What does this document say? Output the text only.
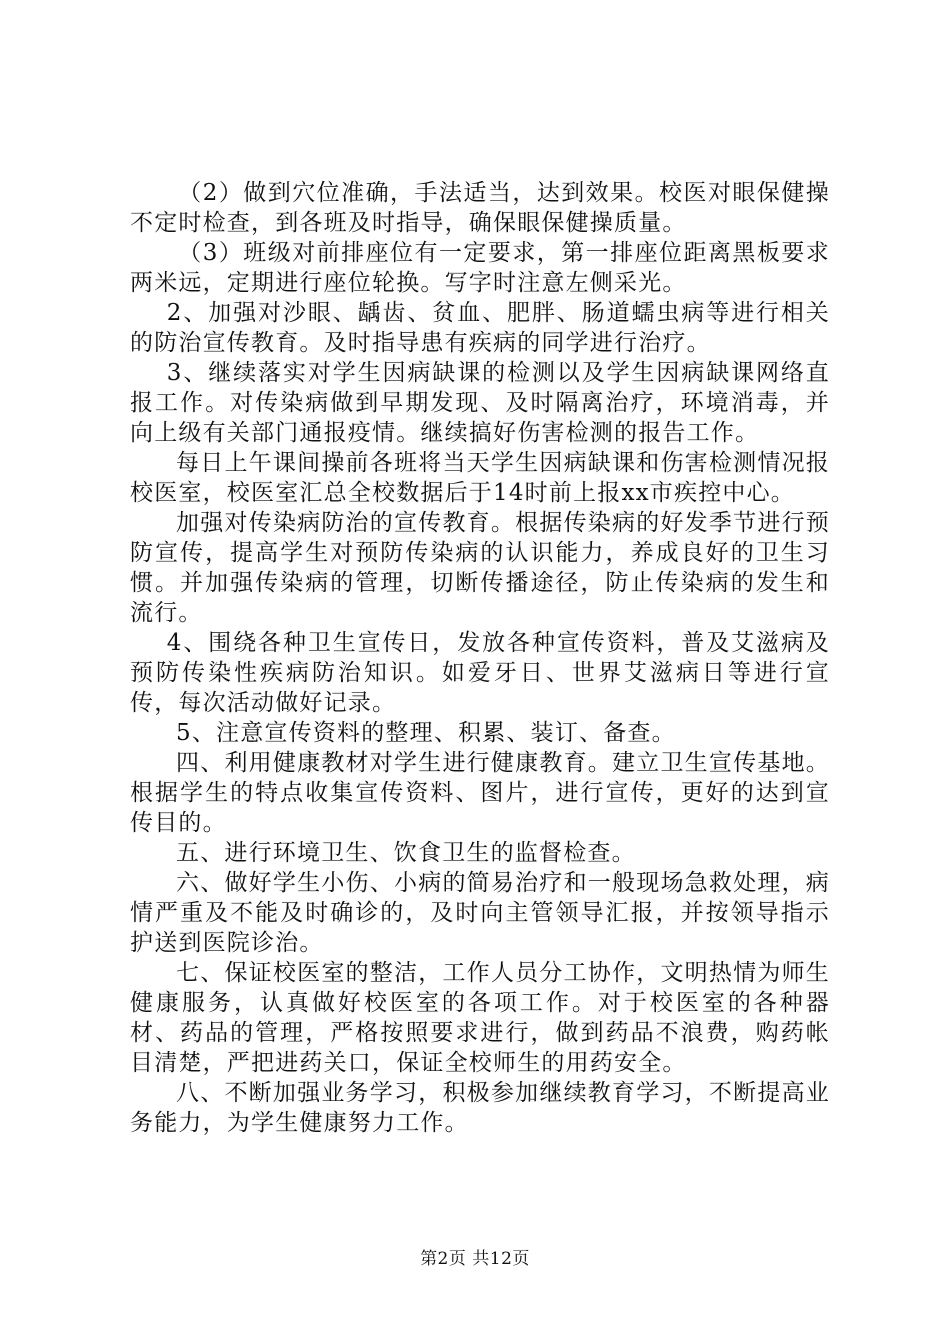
（2）做到穴位准确，手法适当，达到效果。校医对眼保健操不定时检查，到各班及时指导，确保眼保健操质量。

（3）班级对前排座位有一定要求，第一排座位距离黑板要求两米远，定期进行座位轮换。写字时注意左侧采光。

2、加强对沙眼、龋齿、贫血、肥胖、肠道蠕虫病等进行相关的防治宣传教育。及时指导患有疾病的同学进行治疗。

3、继续落实对学生因病缺课的检测以及学生因病缺课网络直报工作。对传染病做到早期发现、及时隔离治疗，环境消毒，并向上级有关部门通报疫情。继续搞好伤害检测的报告工作。

每日上午课间操前各班将当天学生因病缺课和伤害检测情况报校医室，校医室汇总全校数据后于14时前上报xx市疾控中心。

加强对传染病防治的宣传教育。根据传染病的好发季节进行预防宣传，提高学生对预防传染病的认识能力，养成良好的卫生习惯。并加强传染病的管理，切断传播途径，防止传染病的发生和流行。

4、围绕各种卫生宣传日，发放各种宣传资料，普及艾滋病及预防传染性疾病防治知识。如爱牙日、世界艾滋病日等进行宣传，每次活动做好记录。

5、注意宣传资料的整理、积累、装订、备查。

四、利用健康教材对学生进行健康教育。建立卫生宣传基地。根据学生的特点收集宣传资料、图片，进行宣传，更好的达到宣传目的。

五、进行环境卫生、饮食卫生的监督检查。

六、做好学生小伤、小病的简易治疗和一般现场急救处理，病情严重及不能及时确诊的，及时向主管领导汇报，并按领导指示护送到医院诊治。

七、保证校医室的整洁，工作人员分工协作，文明热情为师生健康服务，认真做好校医室的各项工作。对于校医室的各种器材、药品的管理，严格按照要求进行，做到药品不浪费，购药帐目清楚，严把进药关口，保证全校师生的用药安全。

八、不断加强业务学习，积极参加继续教育学习，不断提高业务能力，为学生健康努力工作。

第2页 共12页
